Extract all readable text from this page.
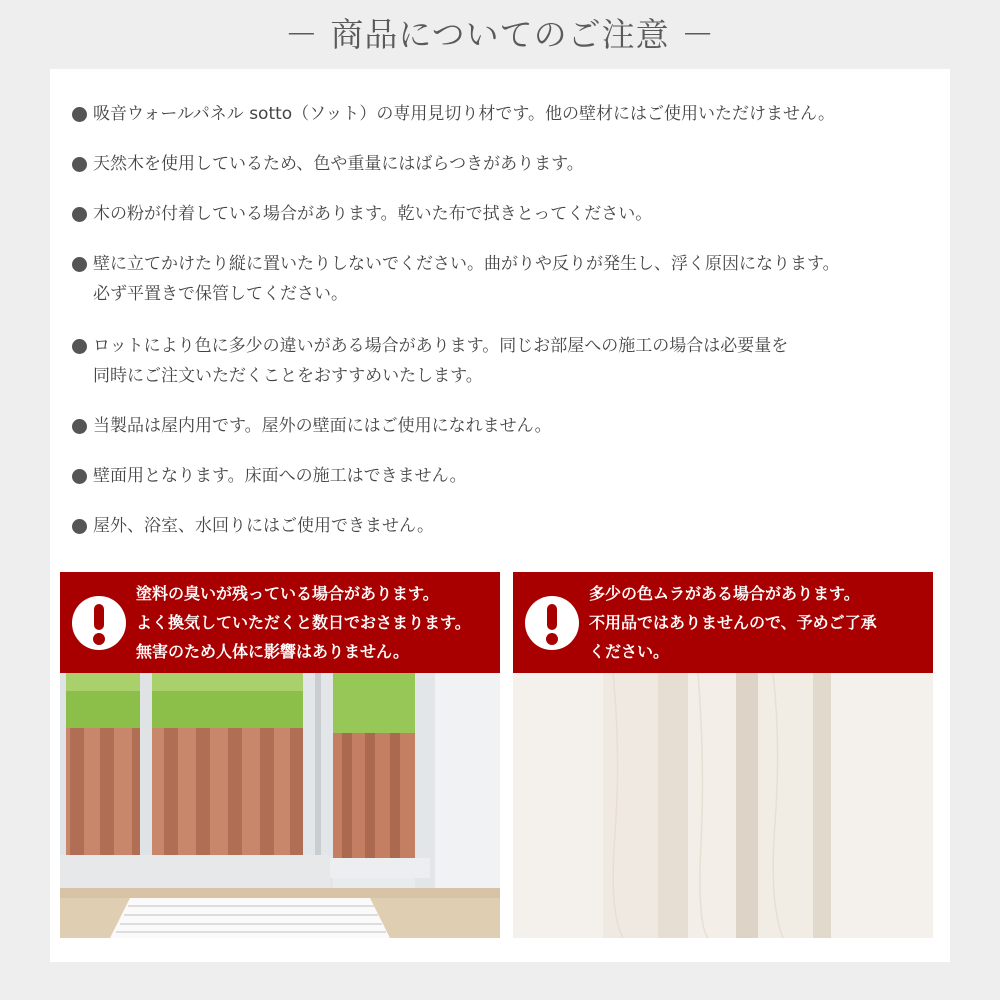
－ 商品についてのご注意 －
吸音ウォールパネル sotto（ソット）の専用見切り材です。他の壁材にはご使用いただけません。
天然木を使用しているため、色や重量にはばらつきがあります。
木の粉が付着している場合があります。乾いた布で拭きとってください。
壁に立てかけたり縦に置いたりしないでください。曲がりや反りが発生し、浮く原因になります。
必ず平置きで保管してください。
ロットにより色に多少の違いがある場合があります。同じお部屋への施工の場合は必要量を
同時にご注文いただくことをおすすめいたします。
当製品は屋内用です。屋外の壁面にはご使用になれません。
壁面用となります。床面への施工はできません。
屋外、浴室、水回りにはご使用できません。
塗料の臭いが残っている場合があります。
よく換気していただくと数日でおさまります。
無害のため人体に影響はありません。
多少の色ムラがある場合があります。
不用品ではありませんので、予めご了承
ください。
